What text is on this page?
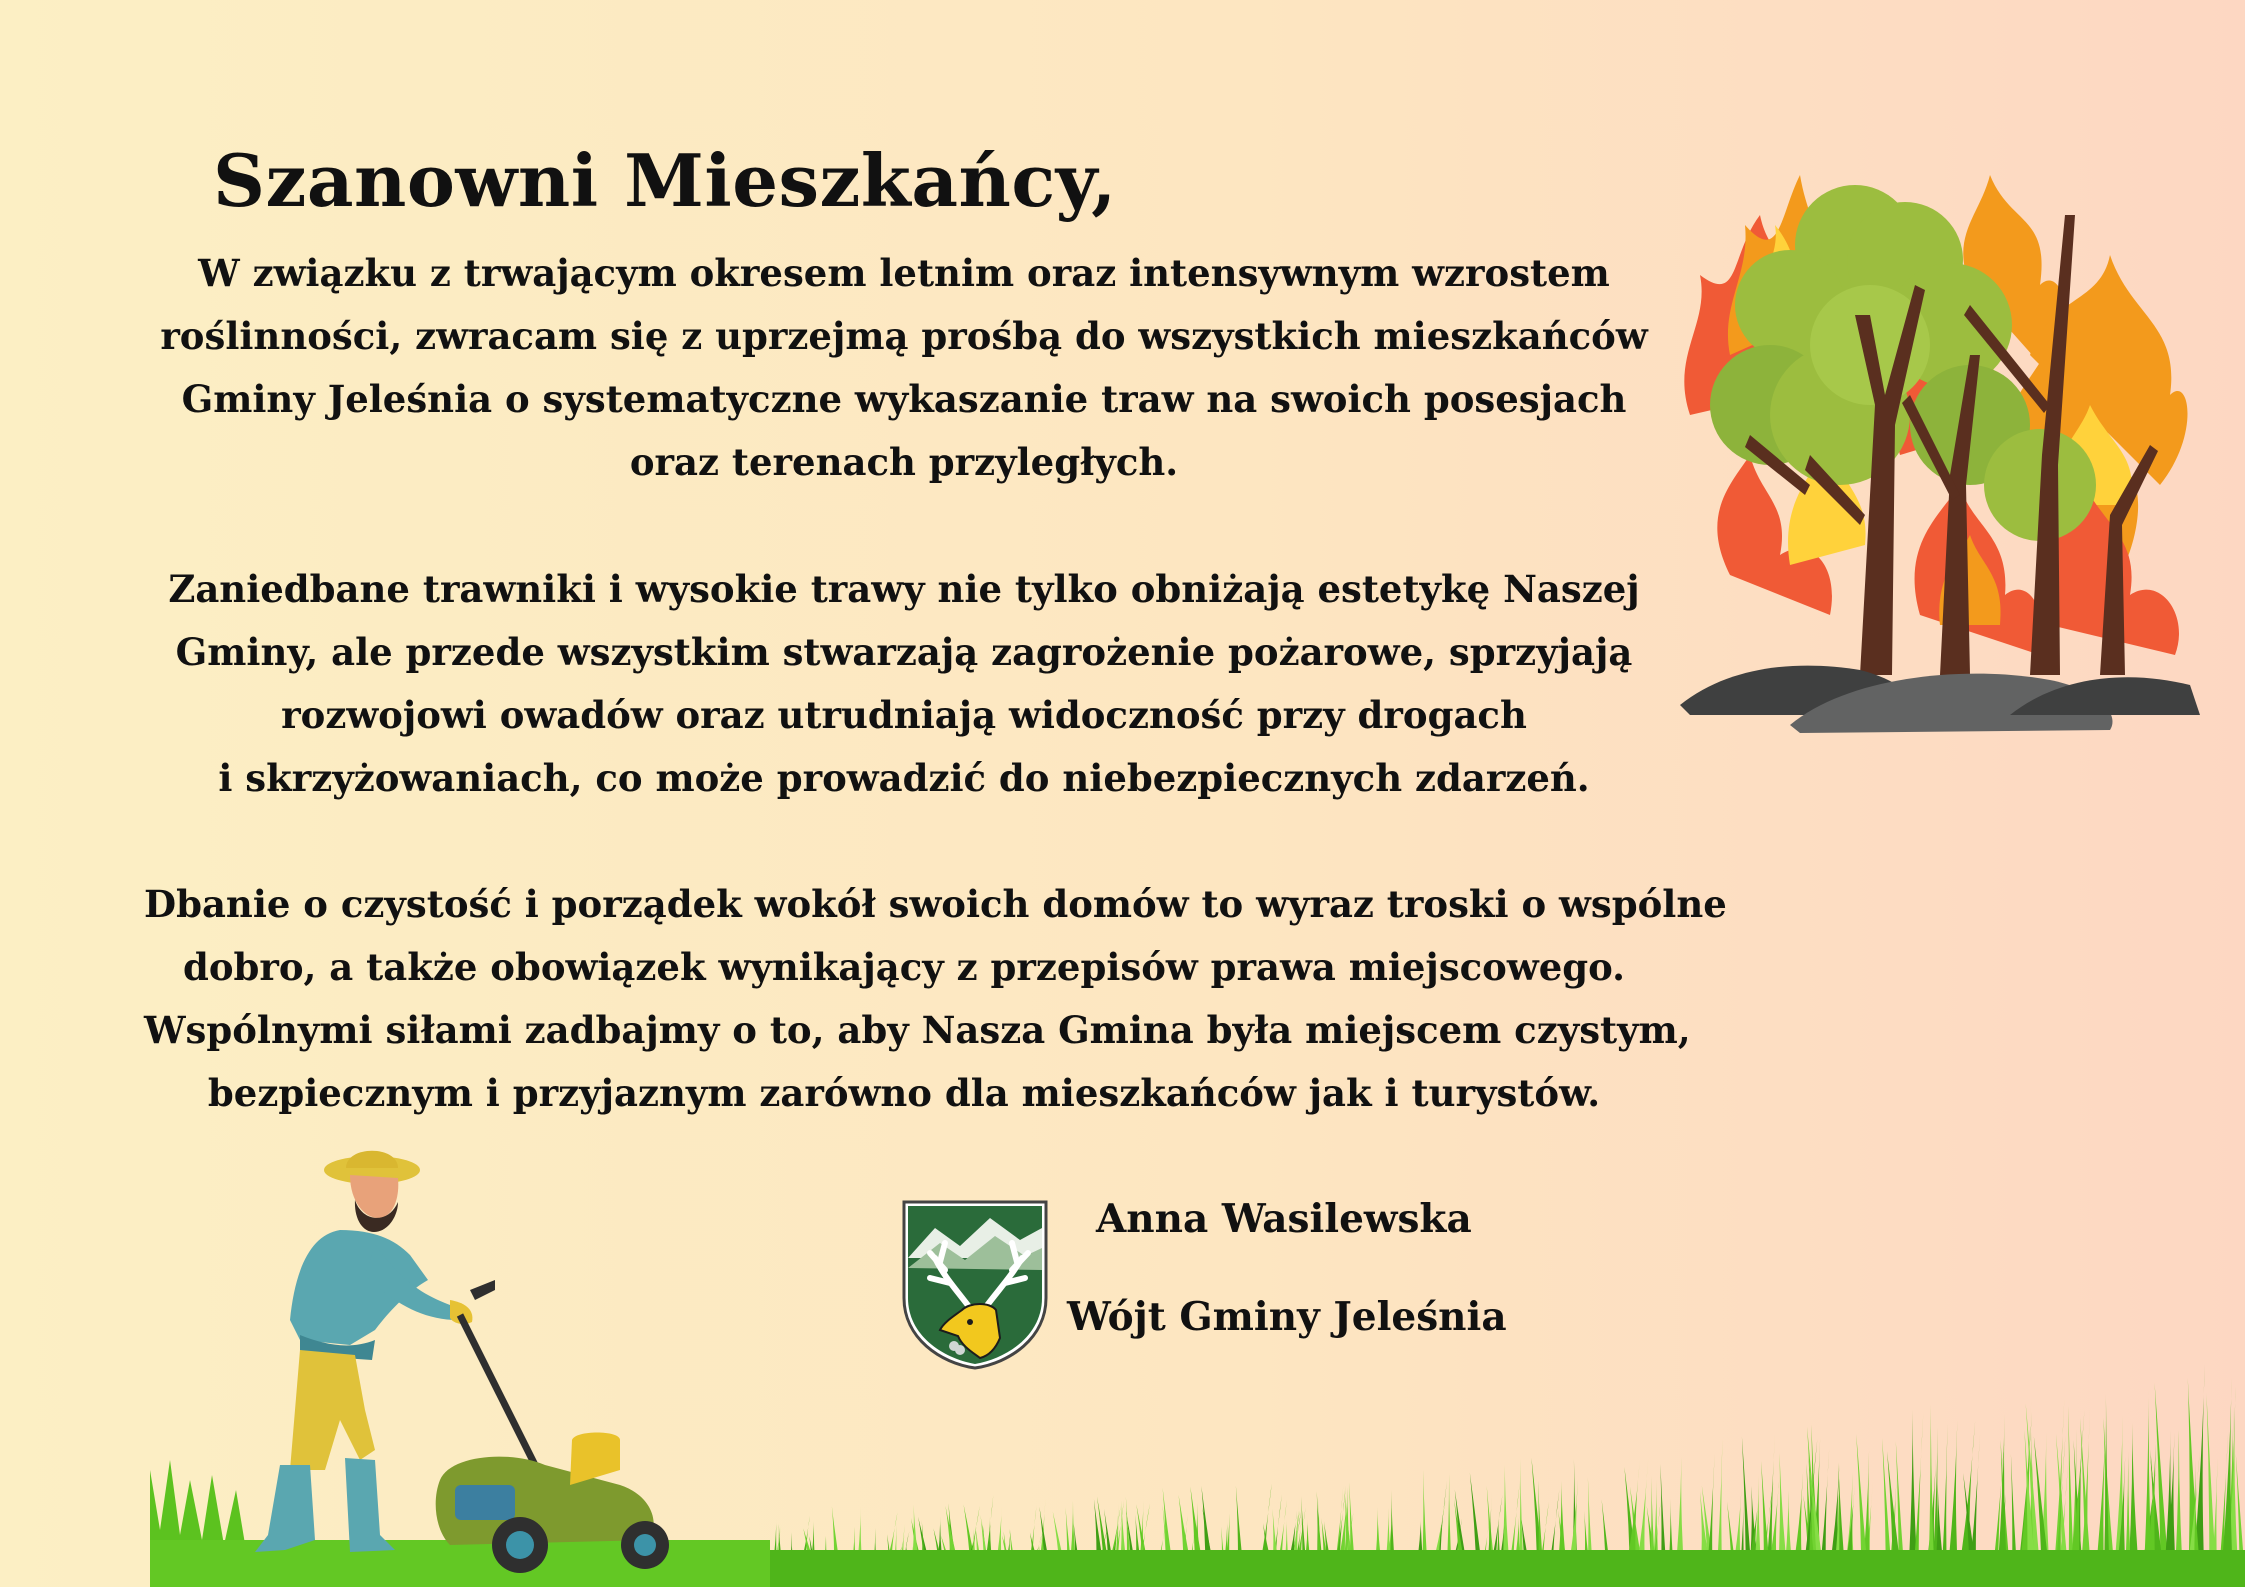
Szanowni Mieszkańcy,
W związku z trwającym okresem letnim oraz intensywnym wzrostem
roślinności, zwracam się z uprzejmą prośbą do wszystkich mieszkańców
Gminy Jeleśnia o systematyczne wykaszanie traw na swoich posesjach
oraz terenach przyległych.
Zaniedbane trawniki i wysokie trawy nie tylko obniżają estetykę Naszej
Gminy, ale przede wszystkim stwarzają zagrożenie pożarowe, sprzyjają
rozwojowi owadów oraz utrudniają widoczność przy drogach
i skrzyżowaniach, co może prowadzić do niebezpiecznych zdarzeń.
Dbanie o czystość i porządek wokół swoich domów to wyraz troski o wspólne
dobro, a także obowiązek wynikający z przepisów prawa miejscowego.
Wspólnymi siłami zadbajmy o to, aby Nasza Gmina była miejscem czystym,
bezpiecznym i przyjaznym zarówno dla mieszkańców jak i turystów.
Anna Wasilewska
Wójt Gminy Jeleśnia
